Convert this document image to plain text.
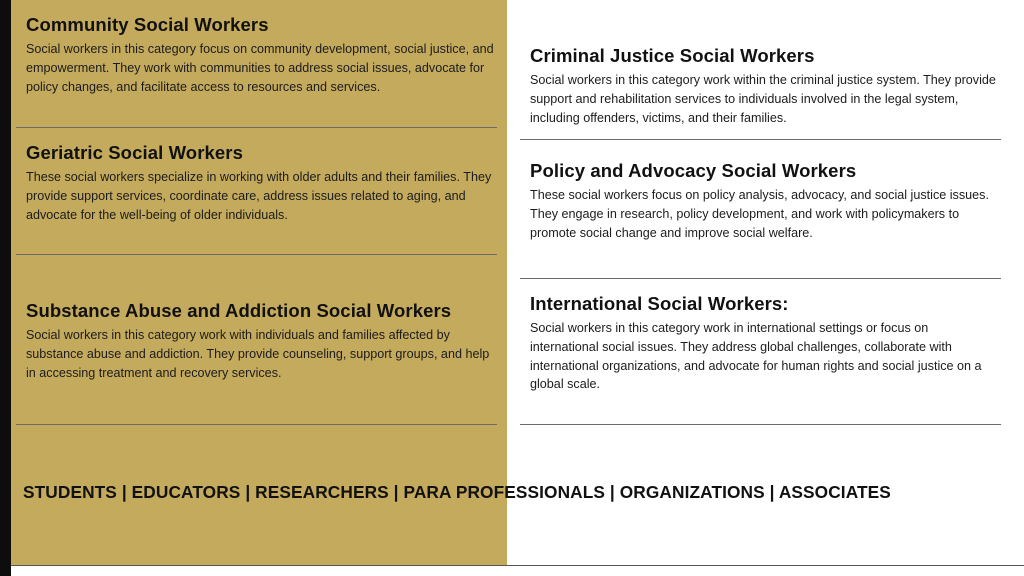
Community Social Workers

Social workers in this category focus on community development, social justice, and empowerment. They work with communities to address social issues, advocate for policy changes, and facilitate access to resources and services.

Geriatric Social Workers

These social workers specialize in working with older adults and their families. They provide support services, coordinate care, address issues related to aging, and advocate for the well-being of older individuals.

Substance Abuse and Addiction Social Workers

Social workers in this category work with individuals and families affected by substance abuse and addiction. They provide counseling, support groups, and help in accessing treatment and recovery services.

Criminal Justice Social Workers

Social workers in this category work within the criminal justice system. They provide support and rehabilitation services to individuals involved in the legal system, including offenders, victims, and their families.

Policy and Advocacy Social Workers

These social workers focus on policy analysis, advocacy, and social justice issues. They engage in research, policy development, and work with policymakers to promote social change and improve social welfare.

International Social Workers:

Social workers in this category work in international settings or focus on international social issues. They address global challenges, collaborate with international organizations, and advocate for human rights and social justice on a global scale.

STUDENTS | EDUCATORS | RESEARCHERS | PARA PROFESSIONALS | ORGANIZATIONS | ASSOCIATES
